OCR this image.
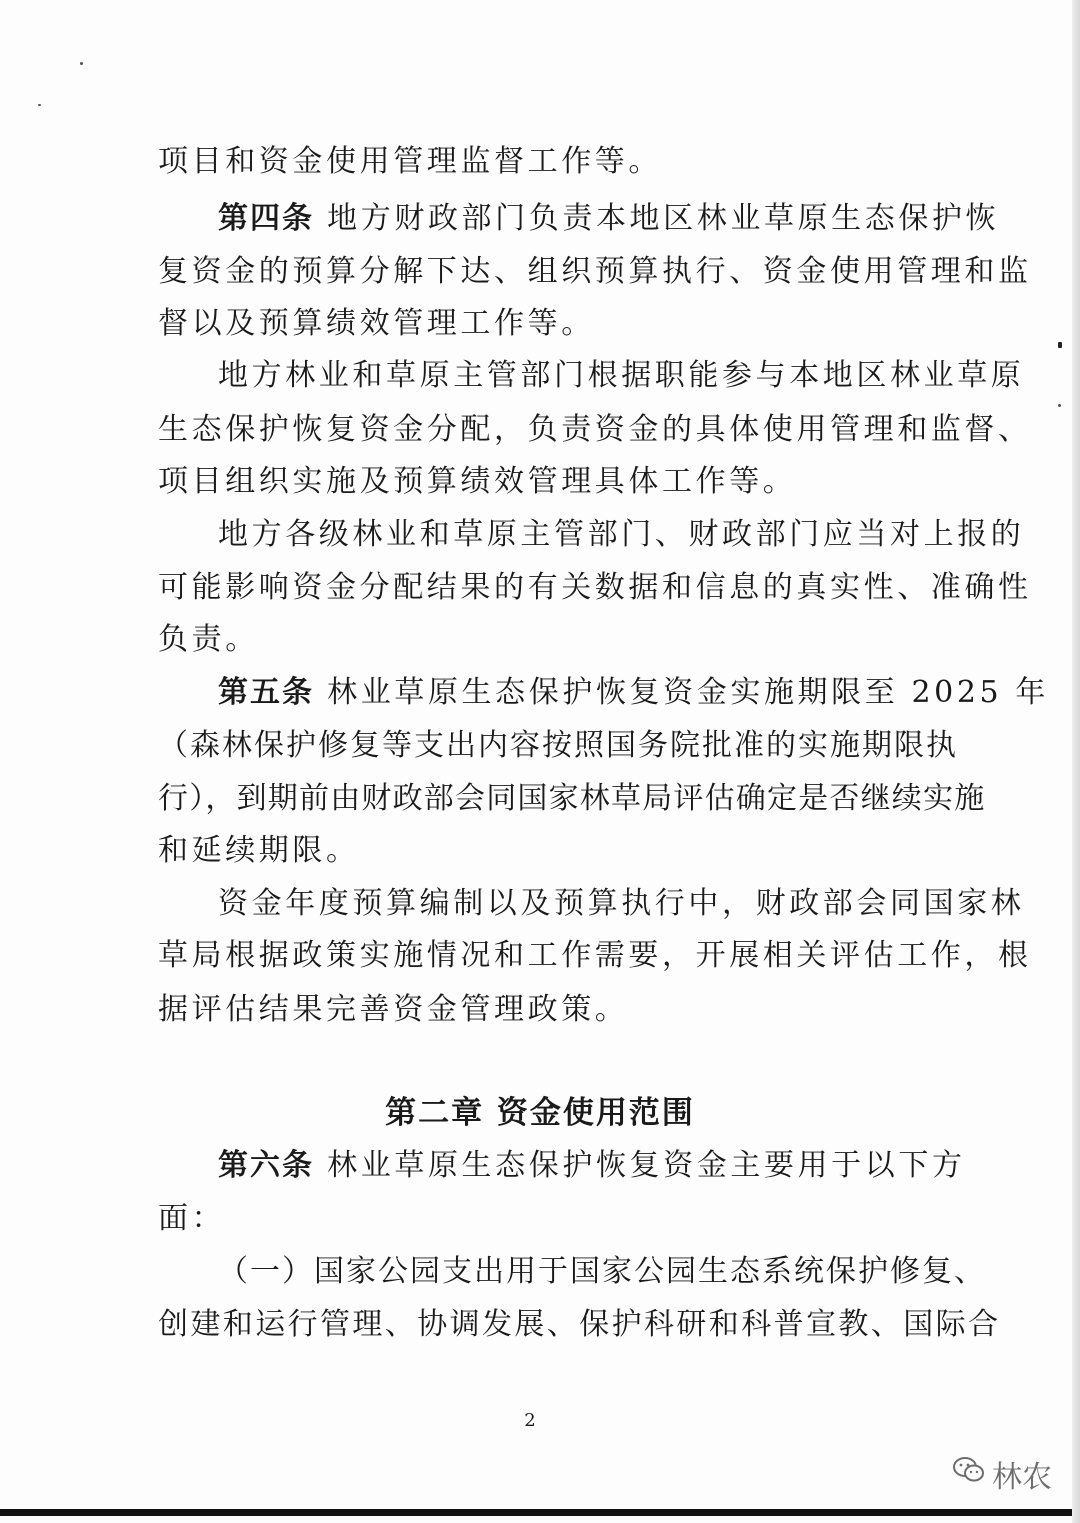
项目和资金使用管理监督工作等。
第四条 地方财政部门负责本地区林业草原生态保护恢
复资金的预算分解下达、组织预算执行、资金使用管理和监
督以及预算绩效管理工作等。
地方林业和草原主管部门根据职能参与本地区林业草原
生态保护恢复资金分配，负责资金的具体使用管理和监督、
项目组织实施及预算绩效管理具体工作等。
地方各级林业和草原主管部门、财政部门应当对上报的
可能影响资金分配结果的有关数据和信息的真实性、准确性
负责。
第五条 林业草原生态保护恢复资金实施期限至 2025 年
（森林保护修复等支出内容按照国务院批准的实施期限执
行），到期前由财政部会同国家林草局评估确定是否继续实施
和延续期限。
资金年度预算编制以及预算执行中，财政部会同国家林
草局根据政策实施情况和工作需要，开展相关评估工作，根
据评估结果完善资金管理政策。
第二章 资金使用范围
第六条 林业草原生态保护恢复资金主要用于以下方
面：
（一）国家公园支出用于国家公园生态系统保护修复、
创建和运行管理、协调发展、保护科研和科普宣教、国际合
2
林农
